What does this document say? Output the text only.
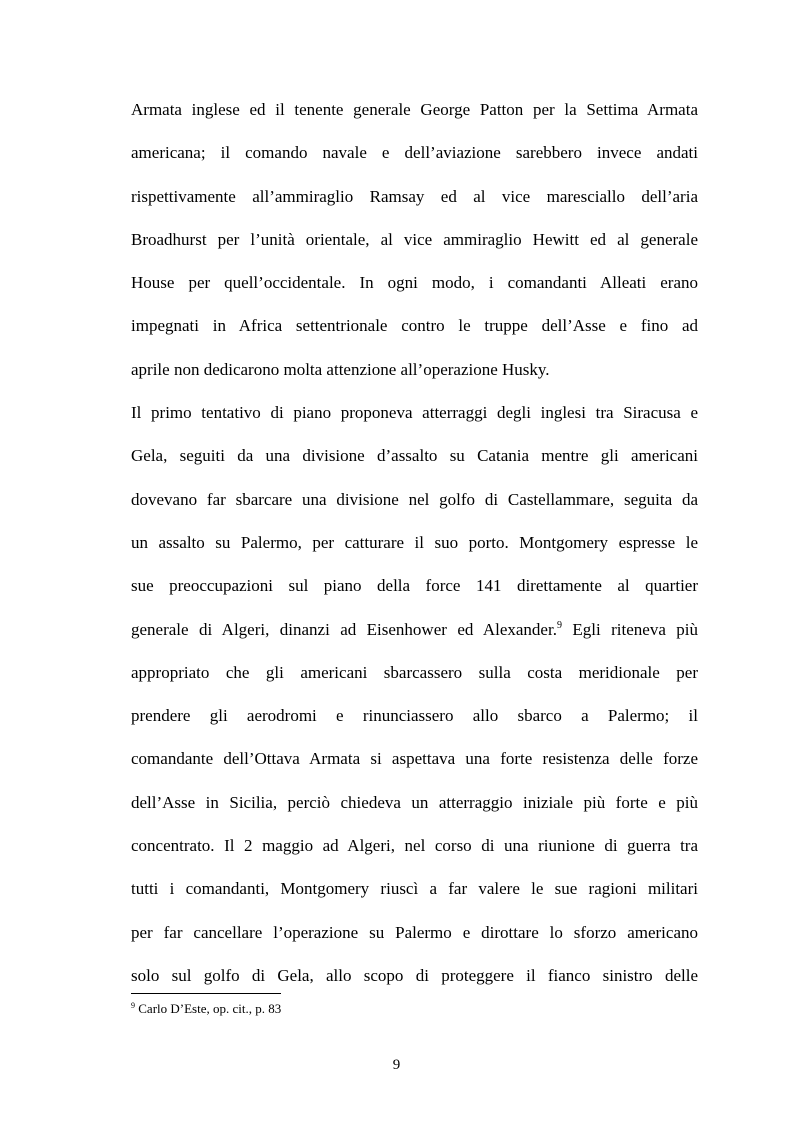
Armata inglese ed il tenente generale George Patton per la Settima Armata
americana; il comando navale e dell’aviazione sarebbero invece andati
rispettivamente all’ammiraglio Ramsay ed al vice maresciallo dell’aria
Broadhurst per l’unità orientale, al vice ammiraglio Hewitt ed al generale
House per quell’occidentale. In ogni modo, i comandanti Alleati erano
impegnati in Africa settentrionale contro le truppe dell’Asse e fino ad
aprile non dedicarono molta attenzione all’operazione Husky.
Il primo tentativo di piano proponeva atterraggi degli inglesi tra Siracusa e
Gela, seguiti da una divisione d’assalto su Catania mentre gli americani
dovevano far sbarcare una divisione nel golfo di Castellammare, seguita da
un assalto su Palermo, per catturare il suo porto. Montgomery espresse le
sue preoccupazioni sul piano della force 141 direttamente al quartier
generale di Algeri, dinanzi ad Eisenhower ed Alexander.$^9$ Egli riteneva più
appropriato che gli americani sbarcassero sulla costa meridionale per
prendere gli aerodromi e rinunciassero allo sbarco a Palermo; il
comandante dell’Ottava Armata si aspettava una forte resistenza delle forze
dell’Asse in Sicilia, perciò chiedeva un atterraggio iniziale più forte e più
concentrato. Il 2 maggio ad Algeri, nel corso di una riunione di guerra tra
tutti i comandanti, Montgomery riuscì a far valere le sue ragioni militari
per far cancellare l’operazione su Palermo e dirottare lo sforzo americano
solo sul golfo di Gela, allo scopo di proteggere il fianco sinistro delle
$^9$ Carlo D’Este, op. cit., p. 83
9
